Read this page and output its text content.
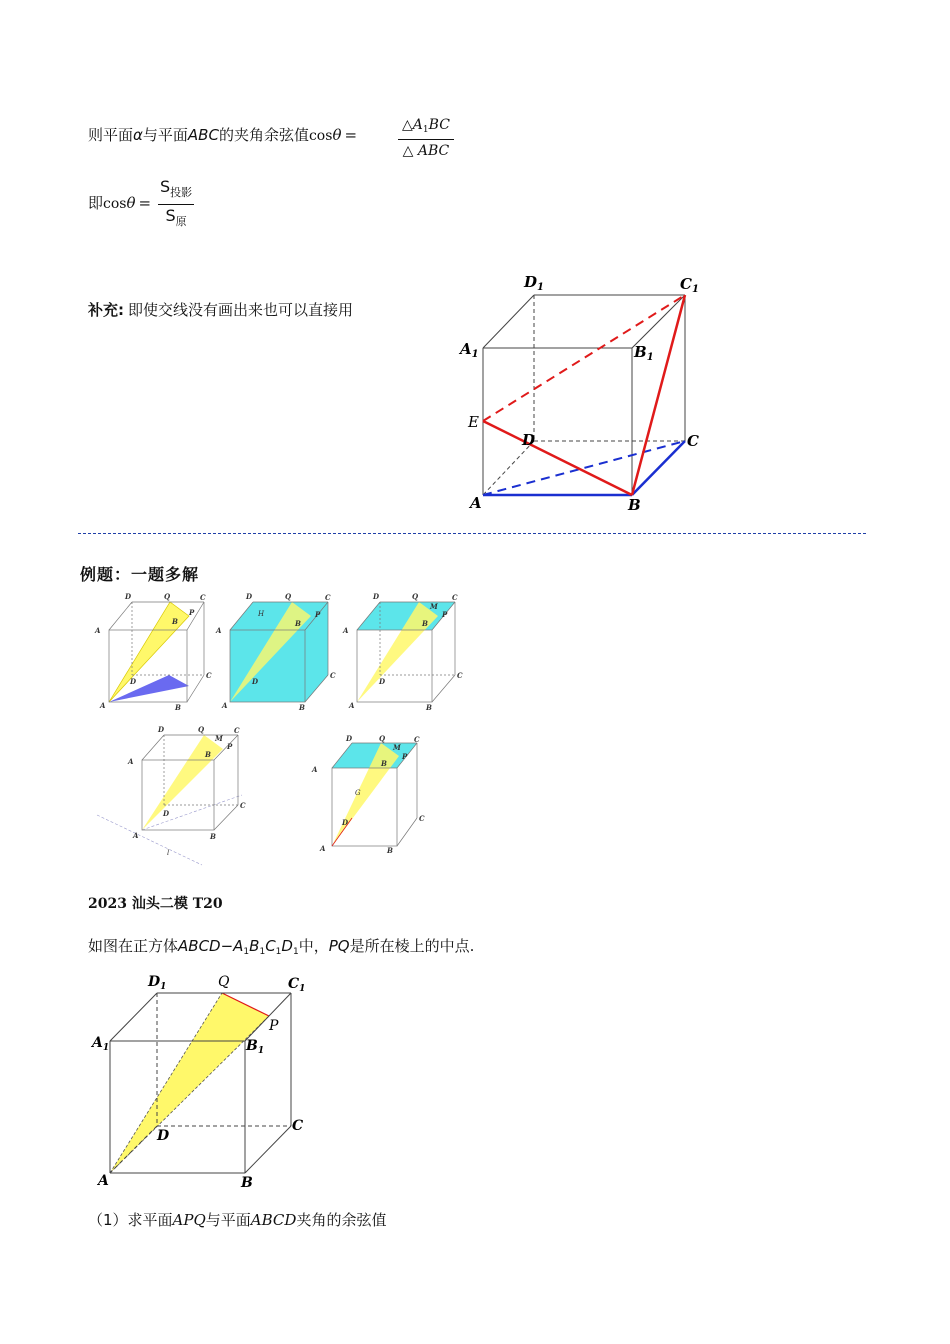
则平面α与平面ABC的夹角余弦值cosθ =
$\triangle A_1BC$
△ ABC
即cosθ =
$S_{投影}$
$S_原$
补充: 即使交线没有画出来也可以直接用
$D_1$	$C_1$
$A_1$	$B_1$
D	C
A	B
E
例题：一题多解
D	Q	C
A
B
P
D
C
A	B
D	Q	C
A
B
P
H
D
C
A	B
D	Q	C
A
B
P
M
D
C
A	B
D	Q	C
A
B
P
M
D
C
A	B
l
D	Q	C
A
B
P
M
G
D	C
A	B
2023 汕头二模 T20
如图在正方体$ABCD-A_1B_1C_1D_1$中，PQ是所在棱上的中点.
$D_1$	$C_1$
$A_1$	$B_1$
D
C
A	B
Q
P
（1）求平面APQ与平面ABCD夹角的余弦值
